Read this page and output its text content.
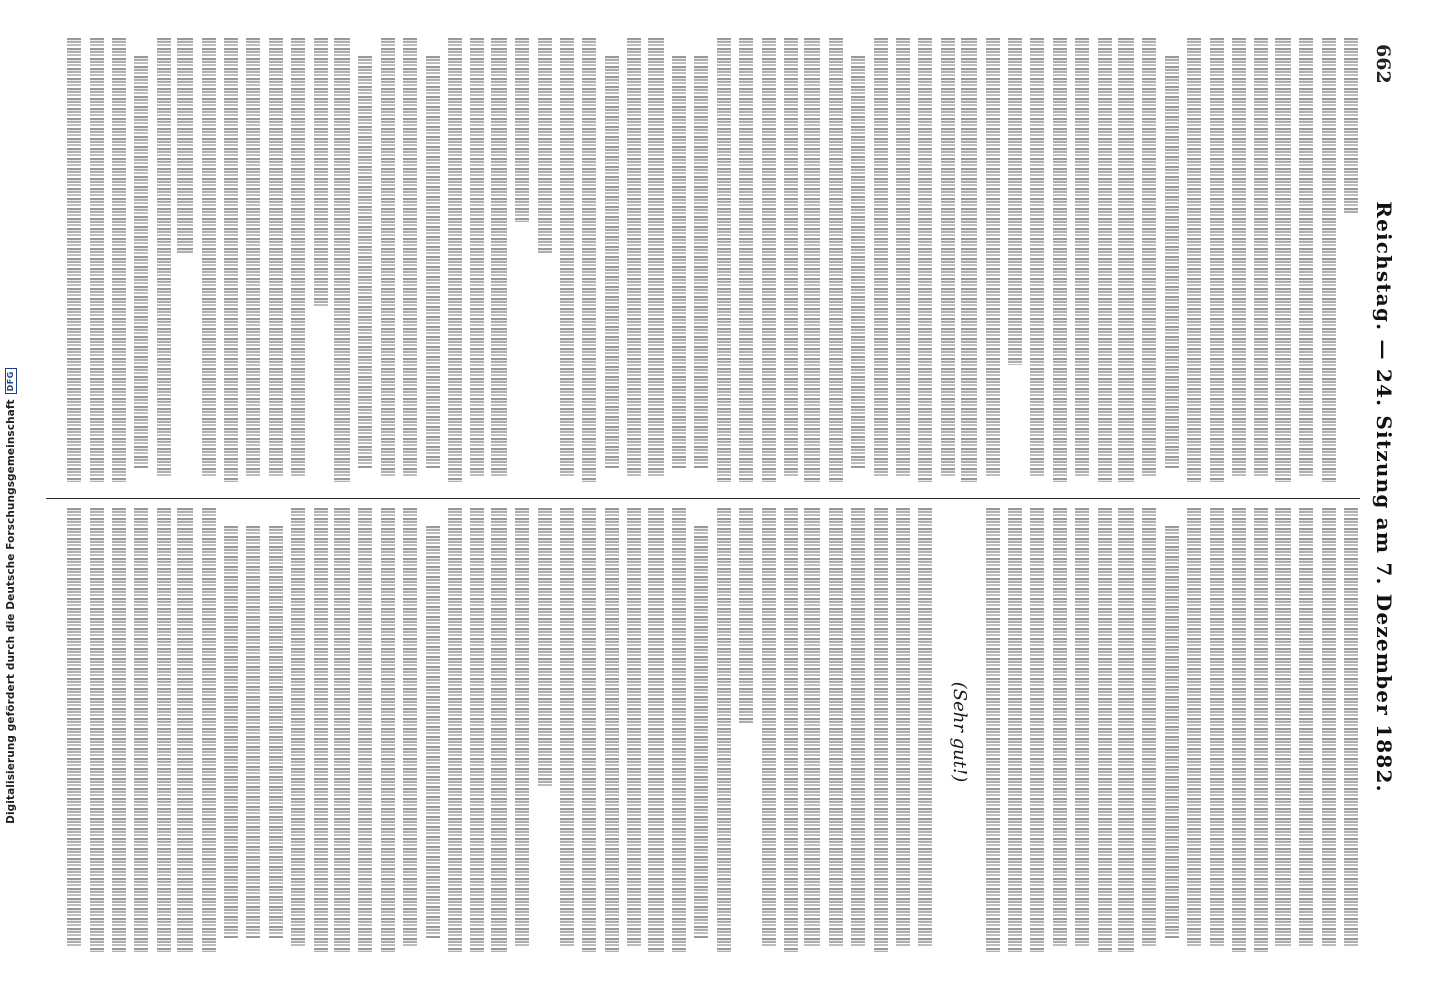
Digitalisierung gefördert durch die Deutsche Forschungsgemeinschaft
DFG
662
Reichstag. — 24. Sitzung am 7. Dezember 1882.
(Sehr gut!)
